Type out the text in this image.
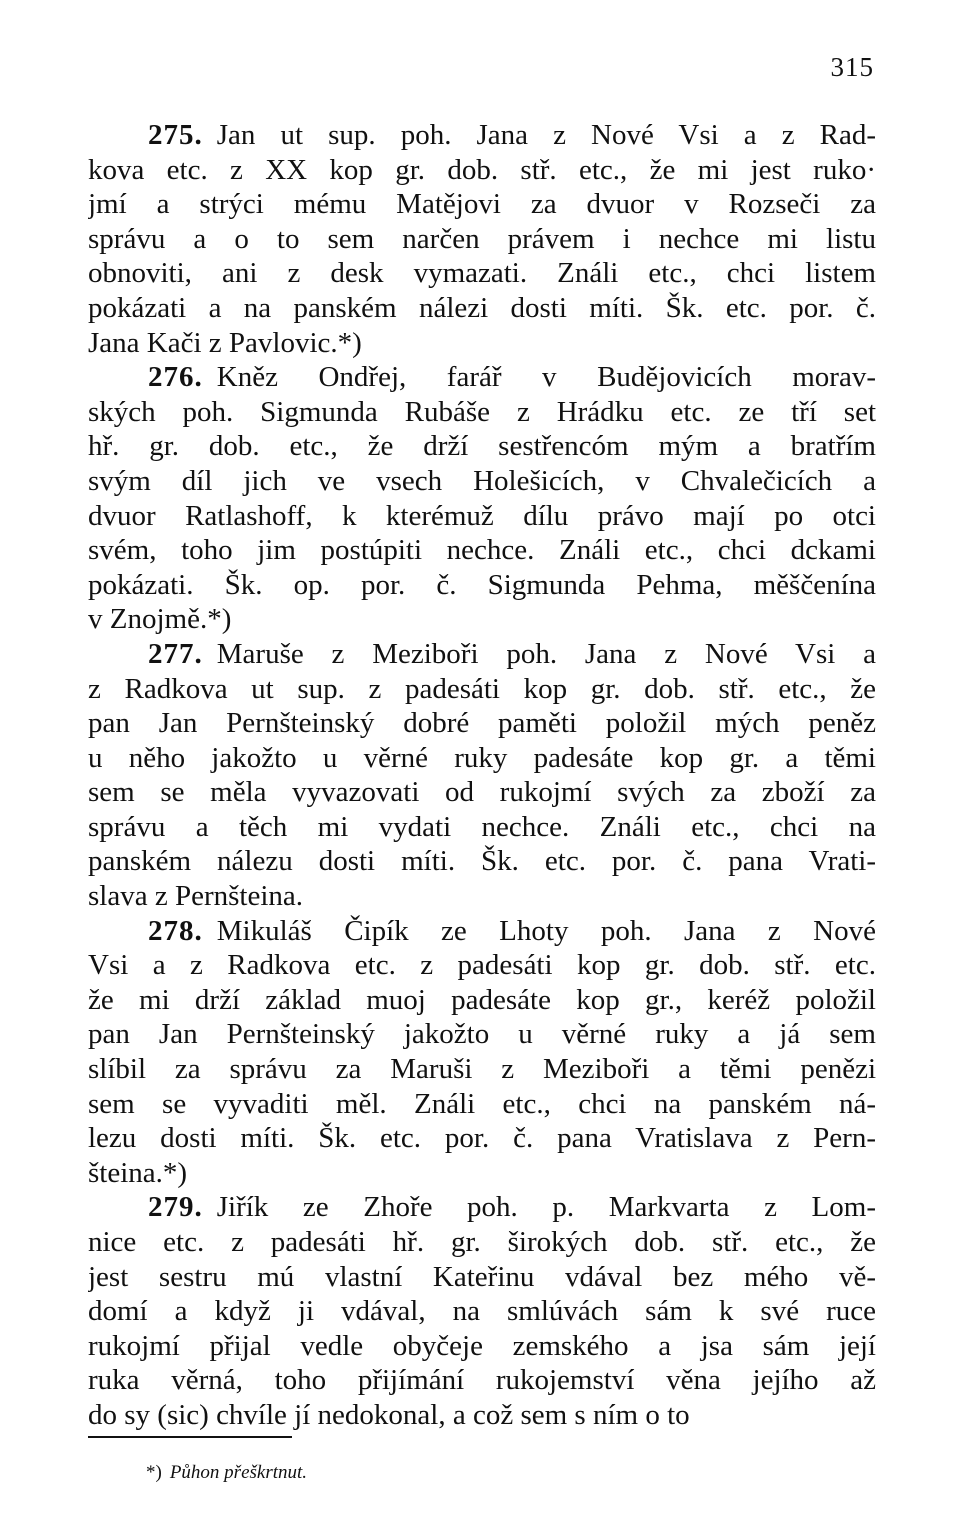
315
275. Jan ut sup. poh. Jana z Nové Vsi a z Rad-
kova etc. z XX kop gr. dob. stř. etc., že mi jest ruko·
jmí a strýci mému Matějovi za dvuor v Rozseči za
správu a o to sem narčen právem i nechce mi listu
obnoviti, ani z desk vymazati. Ználi etc., chci listem
pokázati a na panském nálezi dosti míti. Šk. etc. por. č.
Jana Kači z Pavlovic.*)
276. Kněz Ondřej, farář v Budějovicích morav-
ských poh. Sigmunda Rubáše z Hrádku etc. ze tří set
hř. gr. dob. etc., že drží sestřencóm mým a bratřím
svým díl jich ve vsech Holešicích, v Chvalečicích a
dvuor Ratlashoff, k kterémuž dílu právo mají po otci
svém, toho jim postúpiti nechce. Ználi etc., chci dckami
pokázati. Šk. op. por. č. Sigmunda Pehma, měščenína
v Znojmě.*)
277. Maruše z Meziboři poh. Jana z Nové Vsi a
z Radkova ut sup. z padesáti kop gr. dob. stř. etc., že
pan Jan Pernšteinský dobré paměti položil mých peněz
u něho jakožto u věrné ruky padesáte kop gr. a těmi
sem se měla vyvazovati od rukojmí svých za zboží za
správu a těch mi vydati nechce. Ználi etc., chci na
panském nálezu dosti míti. Šk. etc. por. č. pana Vrati-
slava z Pernšteina.
278. Mikuláš Čipík ze Lhoty poh. Jana z Nové
Vsi a z Radkova etc. z padesáti kop gr. dob. stř. etc.
že mi drží základ muoj padesáte kop gr., keréž položil
pan Jan Pernšteinský jakožto u věrné ruky a já sem
slíbil za správu za Maruši z Meziboři a těmi penězi
sem se vyvaditi měl. Ználi etc., chci na panském ná-
lezu dosti míti. Šk. etc. por. č. pana Vratislava z Pern-
šteina.*)
279. Jiřík ze Zhoře poh. p. Markvarta z Lom-
nice etc. z padesáti hř. gr. širokých dob. stř. etc., že
jest sestru mú vlastní Kateřinu vdával bez mého vě-
domí a když ji vdával, na smlúvách sám k své ruce
rukojmí přijal vedle obyčeje zemského a jsa sám její
ruka věrná, toho přijímání rukojemství věna jejího až
do sy (sic) chvíle jí nedokonal, a což sem s ním o to
*) Půhon přeškrtnut.
